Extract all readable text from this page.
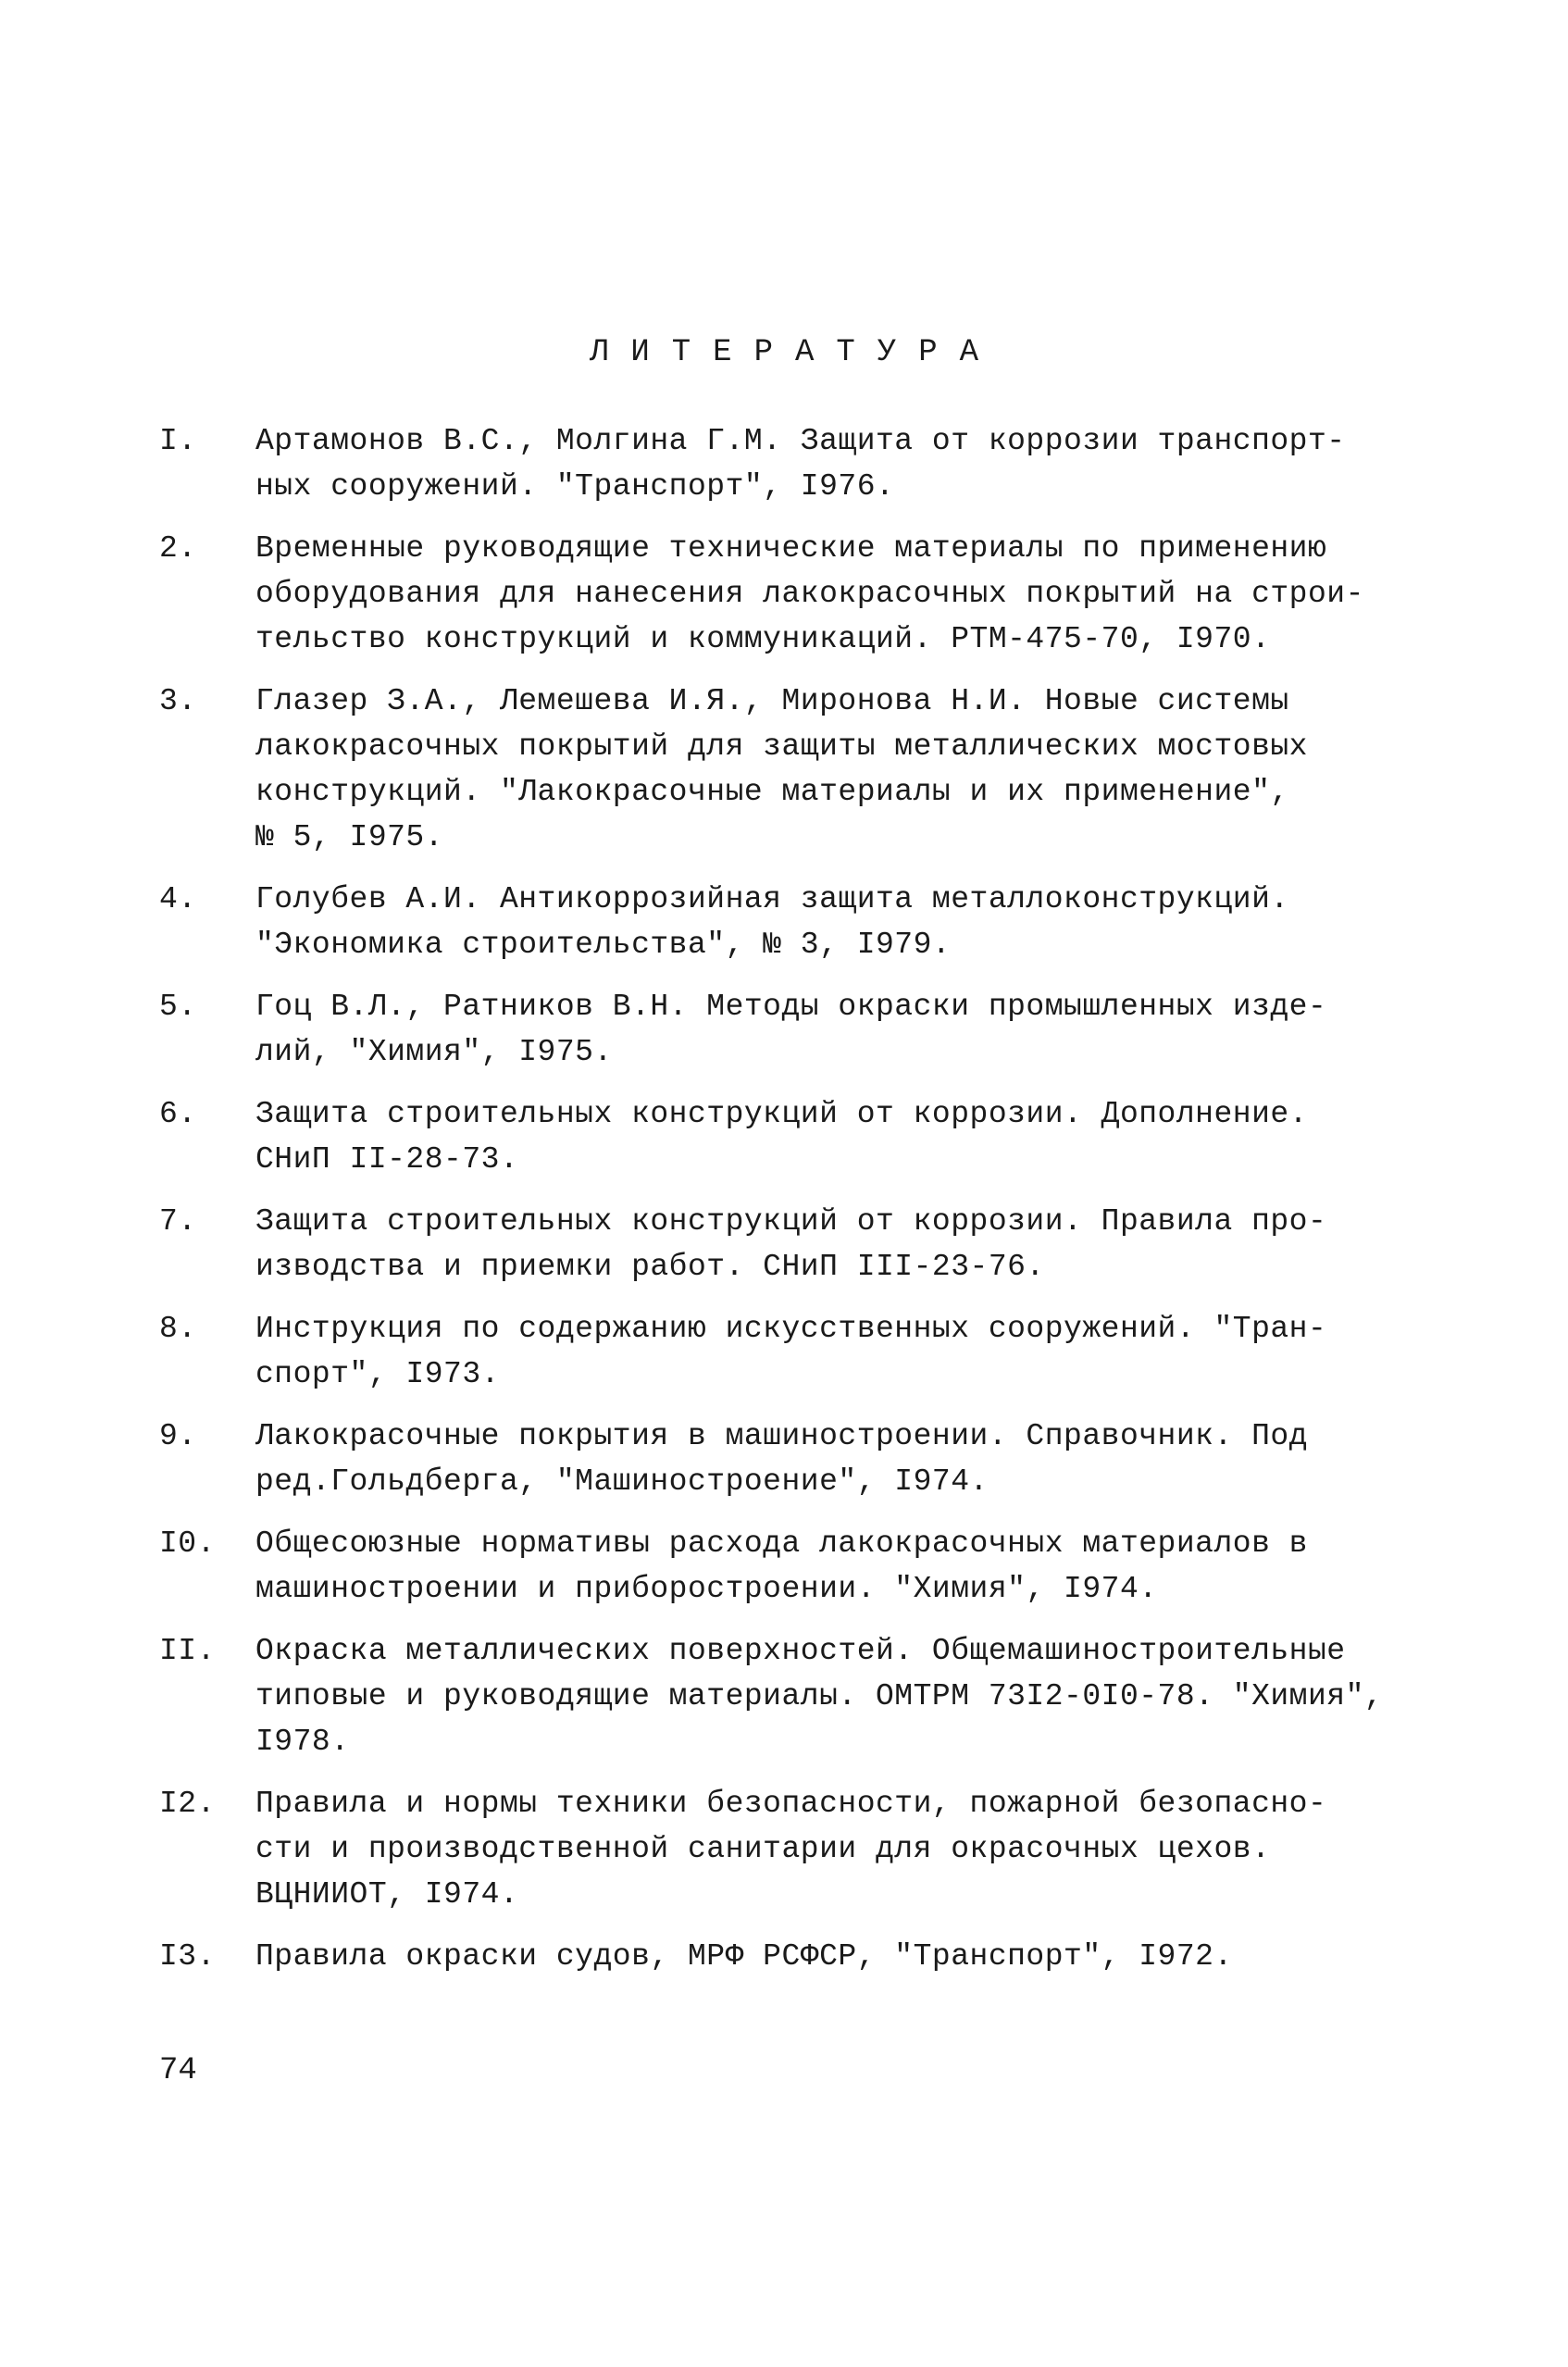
ЛИТЕРАТУРА
I. Артамонов В.С., Молгина Г.М. Защита от коррозии транспорт-
ных сооружений. "Транспорт", I976.
2. Временные руководящие технические материалы по применению
оборудования для нанесения лакокрасочных покрытий на строи-
тельство конструкций и коммуникаций. РТМ-475-70, I970.
3. Глазер З.А., Лемешева И.Я., Миронова Н.И. Новые системы
лакокрасочных покрытий для защиты металлических мостовых
конструкций. "Лакокрасочные материалы и их применение",
№ 5, I975.
4. Голубев А.И. Антикоррозийная защита металлоконструкций.
"Экономика строительства", № 3, I979.
5. Гоц В.Л., Ратников В.Н. Методы окраски промышленных изде-
лий, "Химия", I975.
6. Защита строительных конструкций от коррозии. Дополнение.
СНиП II-28-73.
7. Защита строительных конструкций от коррозии. Правила про-
изводства и приемки работ. СНиП III-23-76.
8. Инструкция по содержанию искусственных сооружений. "Тран-
спорт", I973.
9. Лакокрасочные покрытия в машиностроении. Справочник. Под
ред.Гольдберга, "Машиностроение", I974.
I0. Общесоюзные нормативы расхода лакокрасочных материалов в
машиностроении и приборостроении. "Химия", I974.
II. Окраска металлических поверхностей. Общемашиностроительные
типовые и руководящие материалы. ОМТРМ 73I2-0I0-78. "Химия",
I978.
I2. Правила и нормы техники безопасности, пожарной безопасно-
сти и производственной санитарии для окрасочных цехов.
ВЦНИИОТ, I974.
I3. Правила окраски судов, МРФ РСФСР, "Транспорт", I972.
74
